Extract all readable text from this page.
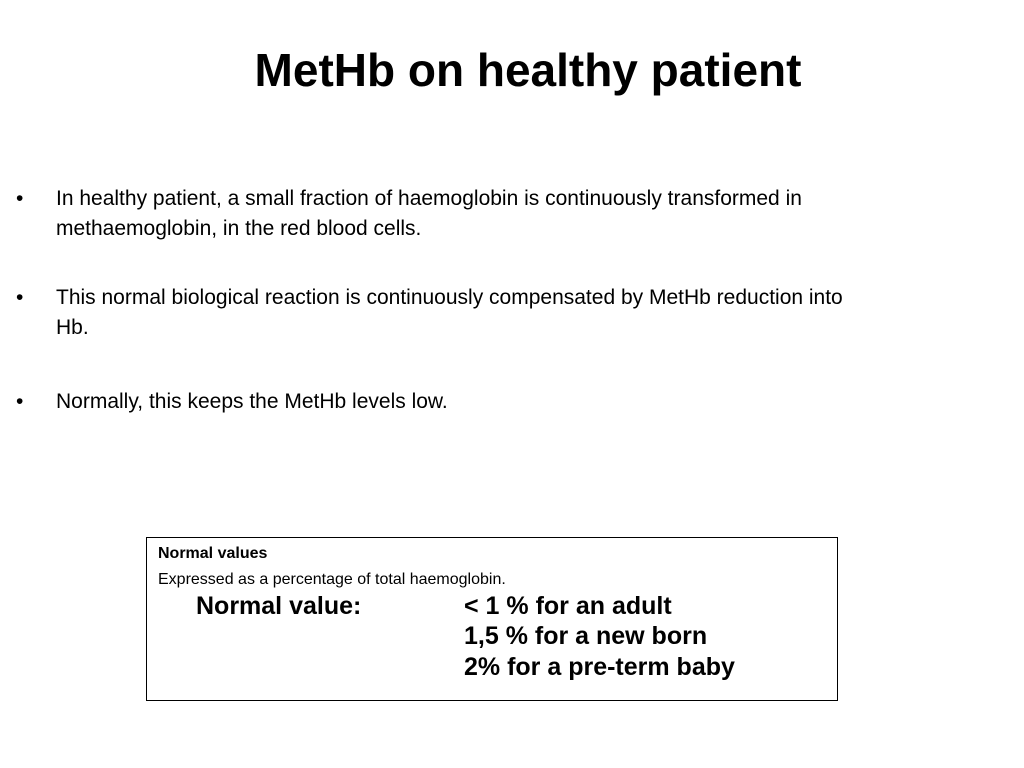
MetHb on healthy patient
• In healthy patient, a small fraction of haemoglobin is continuously transformed in methaemoglobin, in the red blood cells.
• This normal biological reaction is continuously compensated by MetHb reduction into Hb.
• Normally, this keeps the MetHb levels low.
Normal values
Expressed as a percentage of total haemoglobin.
Normal value:	< 1 % for an adult
1,5 % for a new born
2% for a pre-term baby
